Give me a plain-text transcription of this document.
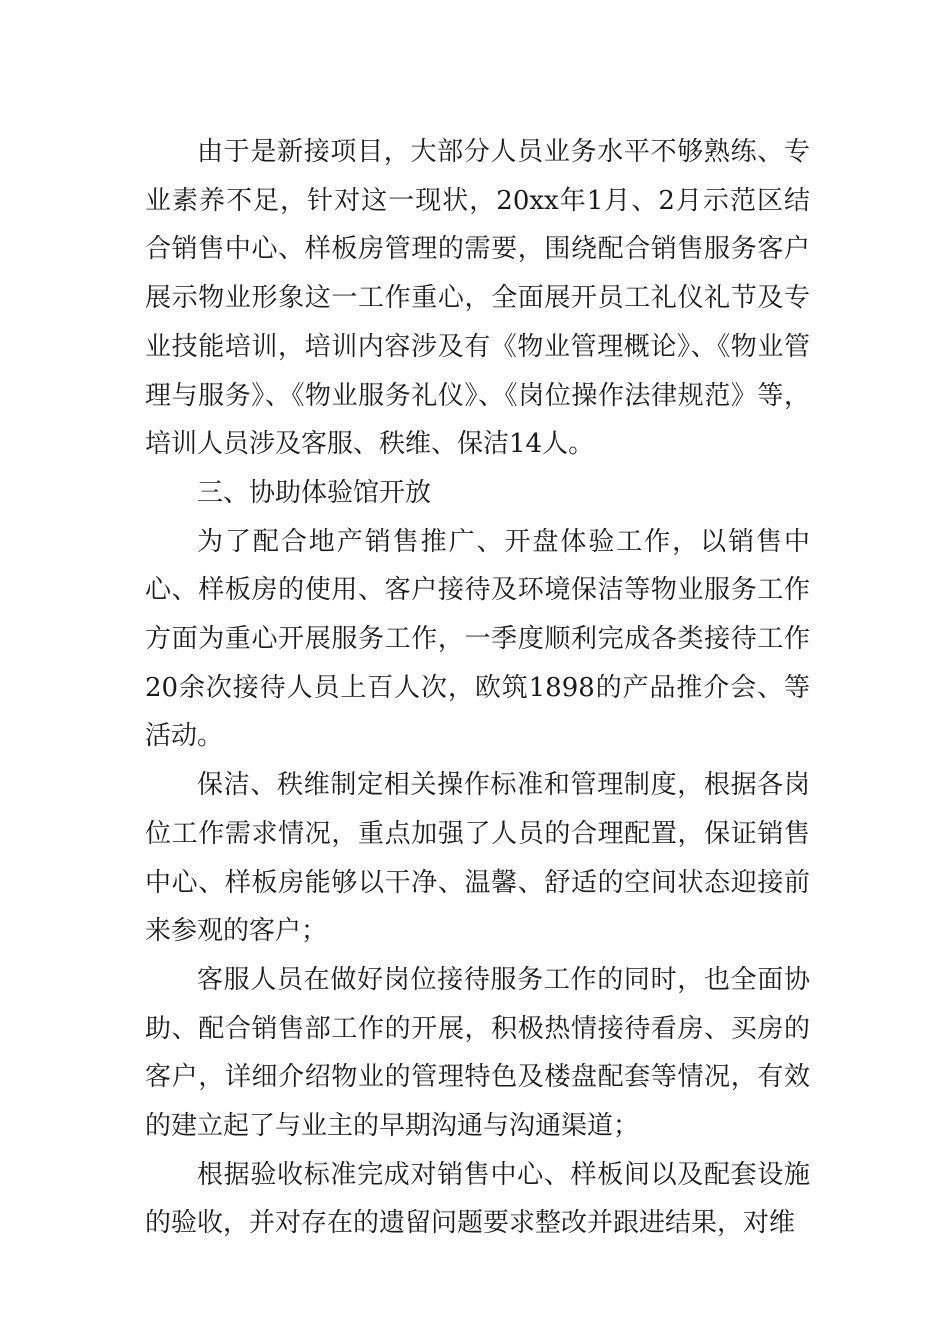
由于是新接项目，大部分人员业务水平不够熟练、专业素养不足，针对这一现状，20xx年1月、2月示范区结合销售中心、样板房管理的需要，围绕配合销售服务客户展示物业形象这一工作重心，全面展开员工礼仪礼节及专业技能培训，培训内容涉及有《物业管理概论》、《物业管理与服务》、《物业服务礼仪》、《岗位操作法律规范》等，培训人员涉及客服、秩维、保洁14人。

三、协助体验馆开放

为了配合地产销售推广、开盘体验工作，以销售中心、样板房的使用、客户接待及环境保洁等物业服务工作方面为重心开展服务工作，一季度顺利完成各类接待工作20余次接待人员上百人次，欧筑1898的产品推介会、等活动。

保洁、秩维制定相关操作标准和管理制度，根据各岗位工作需求情况，重点加强了人员的合理配置，保证销售中心、样板房能够以干净、温馨、舒适的空间状态迎接前来参观的客户；

客服人员在做好岗位接待服务工作的同时，也全面协助、配合销售部工作的开展，积极热情接待看房、买房的客户，详细介绍物业的管理特色及楼盘配套等情况，有效的建立起了与业主的早期沟通与沟通渠道；

根据验收标准完成对销售中心、样板间以及配套设施的验收，并对存在的遗留问题要求整改并跟进结果，对维
